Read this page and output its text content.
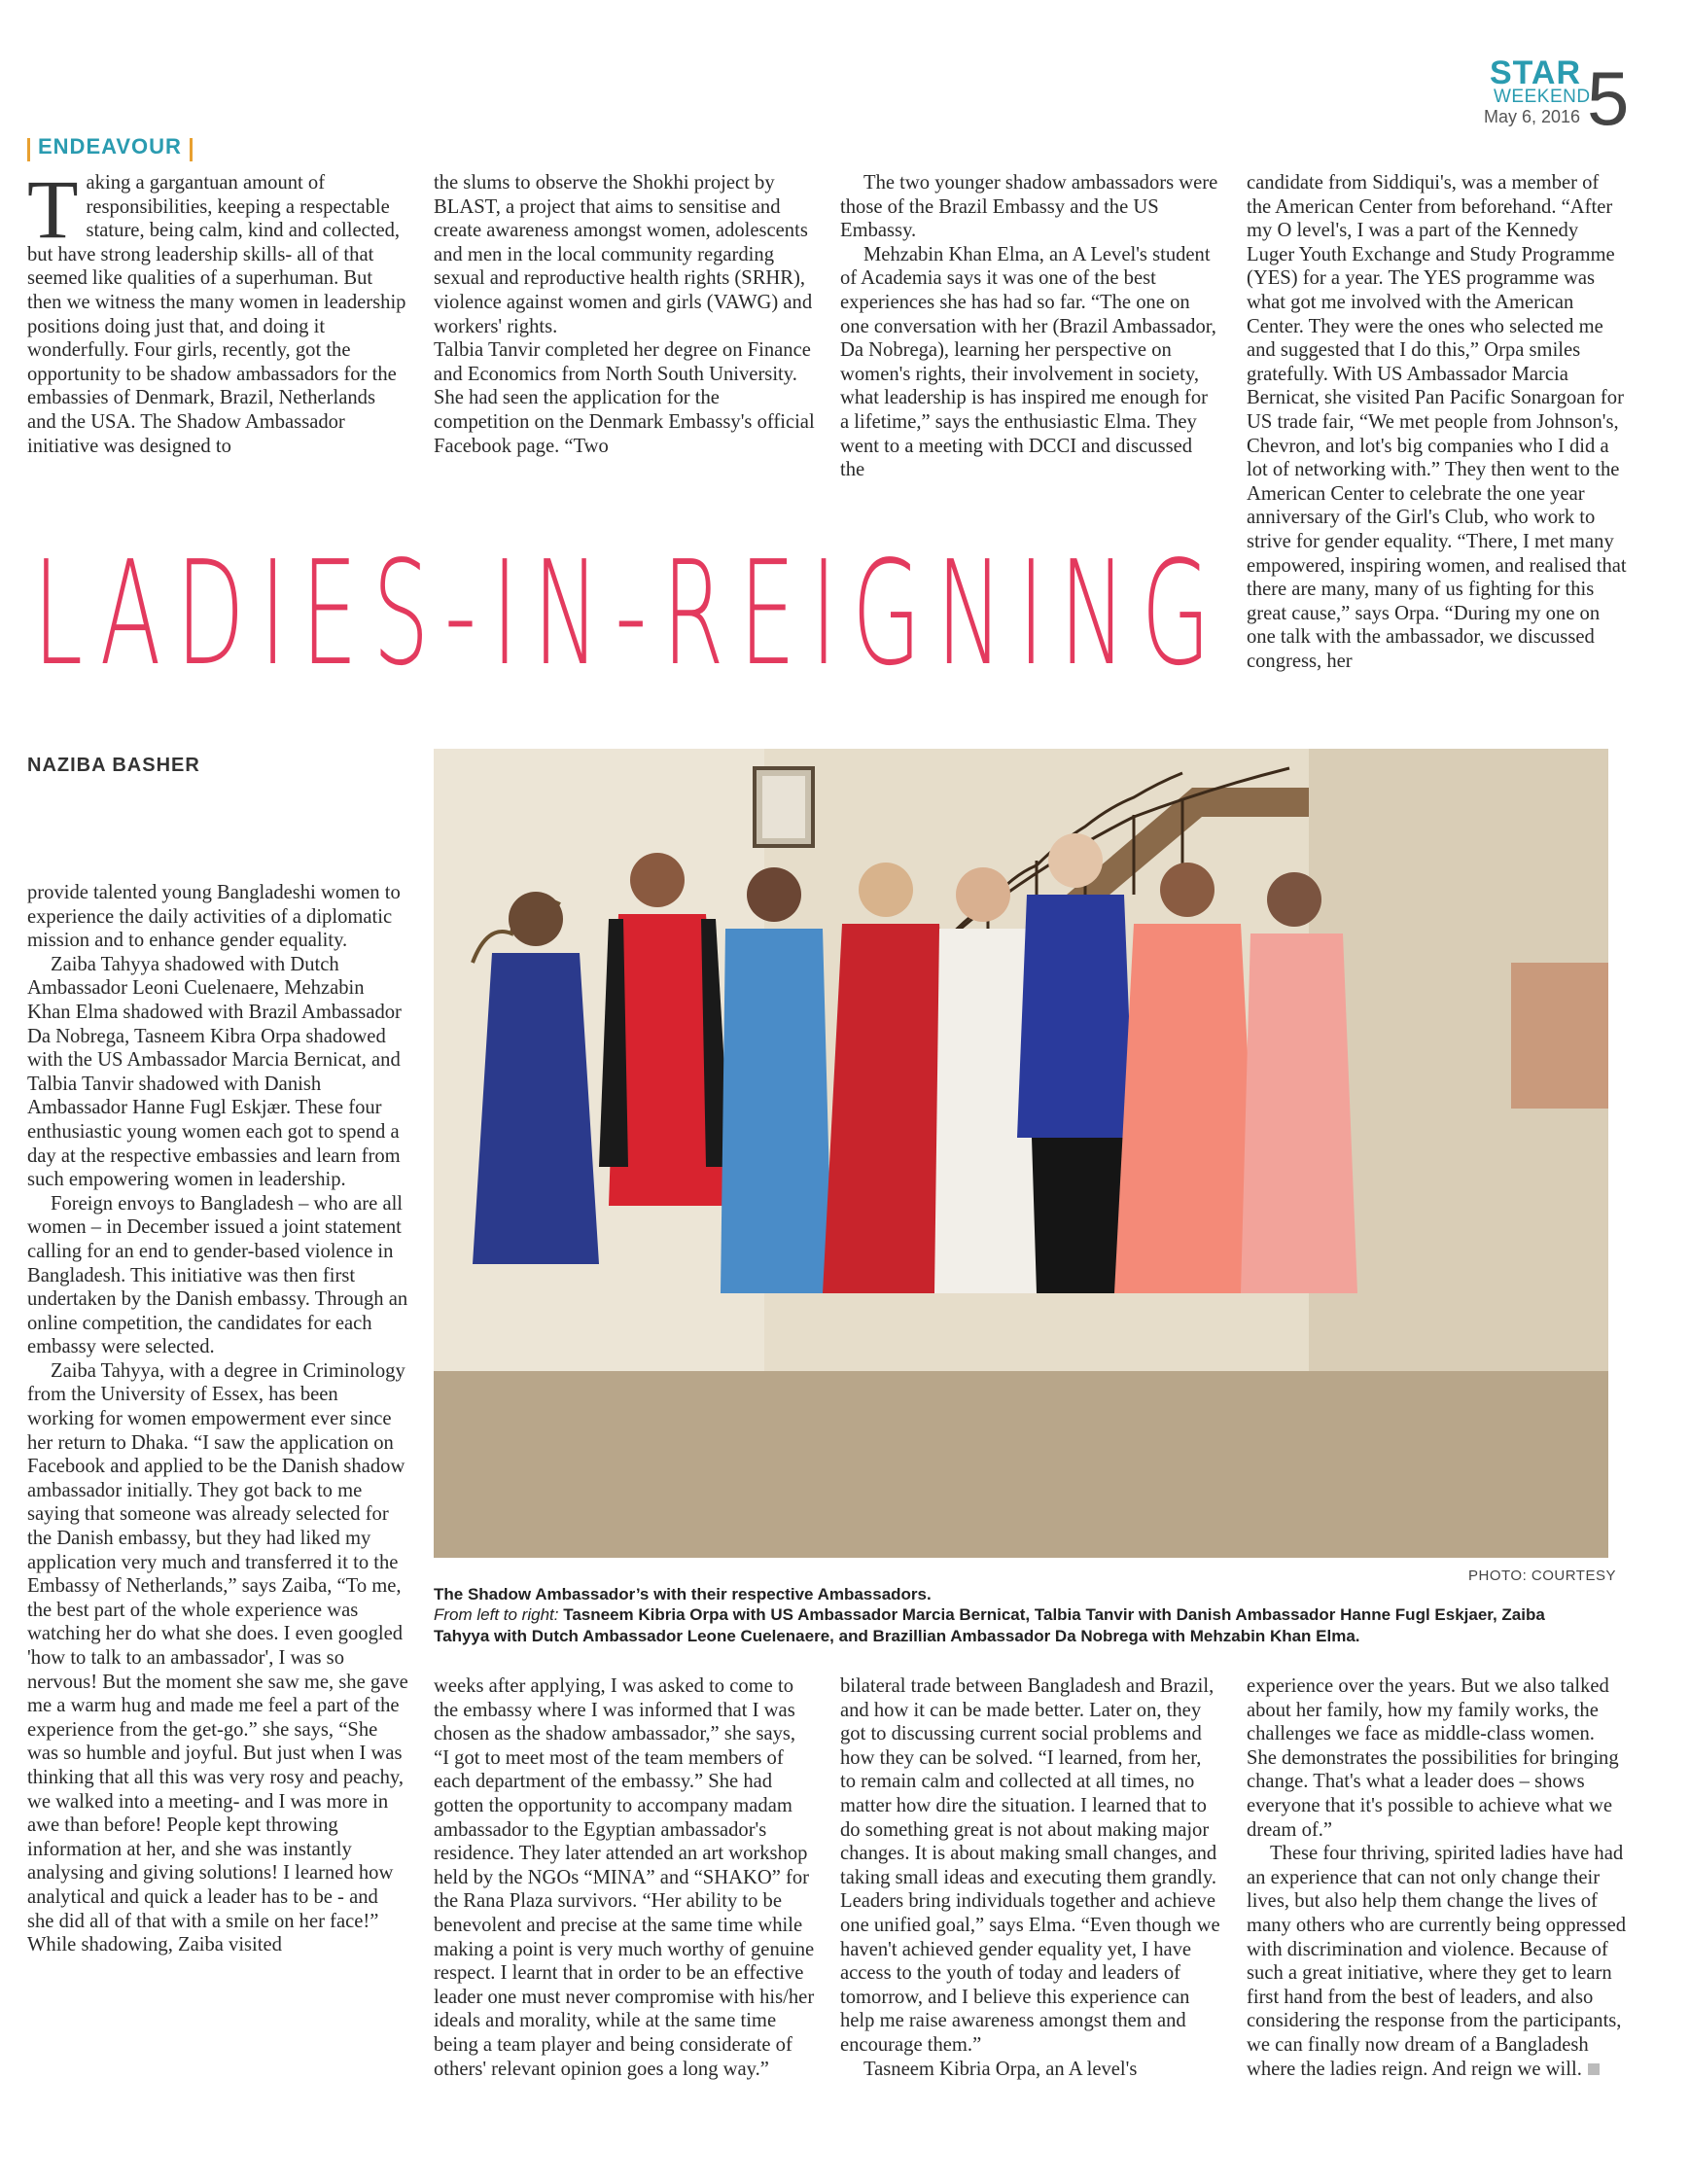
STAR
WEEKEND
May 6, 2016 5
ENDEAVOUR
T aking a gargantuan amount of responsibilities, keeping a respectable stature, being calm, kind and collected, but have strong leadership skills- all of that seemed like qualities of a superhuman. But then we witness the many women in leadership positions doing just that, and doing it wonderfully. Four girls, recently, got the opportunity to be shadow ambassadors for the embassies of Denmark, Brazil, Netherlands and the USA. The Shadow Ambassador initiative was designed to

the slums to observe the Shokhi project by BLAST, a project that aims to sensitise and create awareness amongst women, adolescents and men in the local community regarding sexual and reproductive health rights (SRHR), violence against women and girls (VAWG) and workers' rights.

Talbia Tanvir completed her degree on Finance and Economics from North South University. She had seen the application for the competition on the Denmark Embassy's official Facebook page. “Two

The two younger shadow ambassadors were those of the Brazil Embassy and the US Embassy.

Mehzabin Khan Elma, an A Level's student of Academia says it was one of the best experiences she has had so far. “The one on one conversation with her (Brazil Ambassador, Da Nobrega), learning her perspective on women's rights, their involvement in society, what leadership is has inspired me enough for a lifetime,” says the enthusiastic Elma. They went to a meeting with DCCI and discussed the

candidate from Siddiqui's, was a member of the American Center from beforehand. “After my O level's, I was a part of the Kennedy Luger Youth Exchange and Study Programme (YES) for a year. The YES programme was what got me involved with the American Center. They were the ones who selected me and suggested that I do this,” Orpa smiles gratefully. With US Ambassador Marcia Bernicat, she visited Pan Pacific Sonargoan for US trade fair, “We met people from Johnson's, Chevron, and lot's big companies who I did a lot of networking with.” They then went to the American Center to celebrate the one year anniversary of the Girl's Club, who work to strive for gender equality. “There, I met many empowered, inspiring women, and realised that there are many, many of us fighting for this great cause,” says Orpa. “During my one on one talk with the ambassador, we discussed congress, her

LADIES-IN-REIGNING
NAZIBA BASHER

provide talented young Bangladeshi women to experience the daily activities of a diplomatic mission and to enhance gender equality.

Zaiba Tahyya shadowed with Dutch Ambassador Leoni Cuelenaere, Mehzabin Khan Elma shadowed with Brazil Ambassador Da Nobrega, Tasneem Kibra Orpa shadowed with the US Ambassador Marcia Bernicat, and Talbia Tanvir shadowed with Danish Ambassador Hanne Fugl Eskjær. These four enthusiastic young women each got to spend a day at the respective embassies and learn from such empowering women in leadership.

Foreign envoys to Bangladesh – who are all women – in December issued a joint statement calling for an end to gender-based violence in Bangladesh. This initiative was then first undertaken by the Danish embassy. Through an online competition, the candidates for each embassy were selected.

Zaiba Tahyya, with a degree in Criminology from the University of Essex, has been working for women empowerment ever since her return to Dhaka. “I saw the application on Facebook and applied to be the Danish shadow ambassador initially. They got back to me saying that someone was already selected for the Danish embassy, but they had liked my application very much and transferred it to the Embassy of Netherlands,” says Zaiba, “To me, the best part of the whole experience was watching her do what she does. I even googled 'how to talk to an ambassador', I was so nervous! But the moment she saw me, she gave me a warm hug and made me feel a part of the experience from the get-go.” she says, “She was so humble and joyful. But just when I was thinking that all this was very rosy and peachy, we walked into a meeting- and I was more in awe than before! People kept throwing information at her, and she was instantly analysing and giving solutions! I learned how analytical and quick a leader has to be - and she did all of that with a smile on her face!” While shadowing, Zaiba visited

PHOTO: COURTESY
The Shadow Ambassador’s with their respective Ambassadors.
From left to right: Tasneem Kibria Orpa with US Ambassador Marcia Bernicat, Talbia Tanvir with Danish Ambassador Hanne Fugl Eskjaer, Zaiba Tahyya with Dutch Ambassador Leone Cuelenaere, and Brazillian Ambassador Da Nobrega with Mehzabin Khan Elma.

weeks after applying, I was asked to come to the embassy where I was informed that I was chosen as the shadow ambassador,” she says, “I got to meet most of the team members of each department of the embassy.” She had gotten the opportunity to accompany madam ambassador to the Egyptian ambassador's residence. They later attended an art workshop held by the NGOs “MINA” and “SHAKO” for the Rana Plaza survivors. “Her ability to be benevolent and precise at the same time while making a point is very much worthy of genuine respect. I learnt that in order to be an effective leader one must never compromise with his/her ideals and morality, while at the same time being a team player and being considerate of others' relevant opinion goes a long way.”

bilateral trade between Bangladesh and Brazil, and how it can be made better. Later on, they got to discussing current social problems and how they can be solved. “I learned, from her, to remain calm and collected at all times, no matter how dire the situation. I learned that to do something great is not about making major changes. It is about making small changes, and taking small ideas and executing them grandly. Leaders bring individuals together and achieve one unified goal,” says Elma. “Even though we haven't achieved gender equality yet, I have access to the youth of today and leaders of tomorrow, and I believe this experience can help me raise awareness amongst them and encourage them.”

Tasneem Kibria Orpa, an A level's

experience over the years. But we also talked about her family, how my family works, the challenges we face as middle-class women. She demonstrates the possibilities for bringing change. That's what a leader does – shows everyone that it's possible to achieve what we dream of.”

These four thriving, spirited ladies have had an experience that can not only change their lives, but also help them change the lives of many others who are currently being oppressed with discrimination and violence. Because of such a great initiative, where they get to learn first hand from the best of leaders, and also considering the response from the participants, we can finally now dream of a Bangladesh where the ladies reign. And reign we will.
